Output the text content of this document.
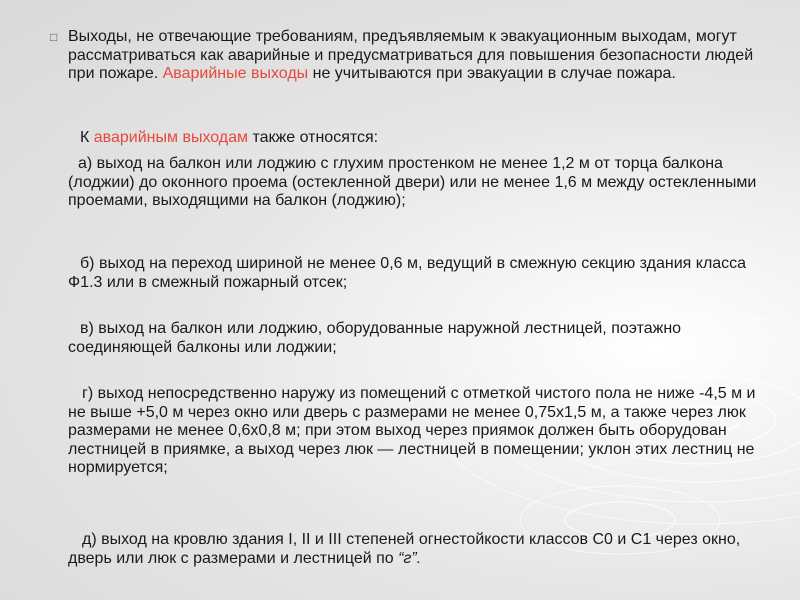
□ Выходы, не отвечающие требованиям, предъявляемым к эвакуационным выходам, могут рассматриваться как аварийные и предусматриваться для повышения безопасности людей при пожаре. Аварийные выходы не учитываются при эвакуации в случае пожара.

К аварийным выходам также относятся:

а) выход на балкон или лоджию с глухим простенком не менее 1,2 м от торца балкона (лоджии) до оконного проема (остекленной двери) или не менее 1,6 м между остекленными проемами, выходящими на балкон (лоджию);

б) выход на переход шириной не менее 0,6 м, ведущий в смежную секцию здания класса Ф1.3 или в смежный пожарный отсек;

в) выход на балкон или лоджию, оборудованные наружной лестницей, поэтажно соединяющей балконы или лоджии;

г) выход непосредственно наружу из помещений с отметкой чистого пола не ниже -4,5 м и не выше +5,0 м через окно или дверь с размерами не менее 0,75х1,5 м, а также через люк размерами не менее 0,6х0,8 м; при этом выход через приямок должен быть оборудован лестницей в приямке, а выход через люк — лестницей в помещении; уклон этих лестниц не нормируется;

д) выход на кровлю здания I, II и III степеней огнестойкости классов С0 и С1 через окно, дверь или люк с размерами и лестницей по “г”.
